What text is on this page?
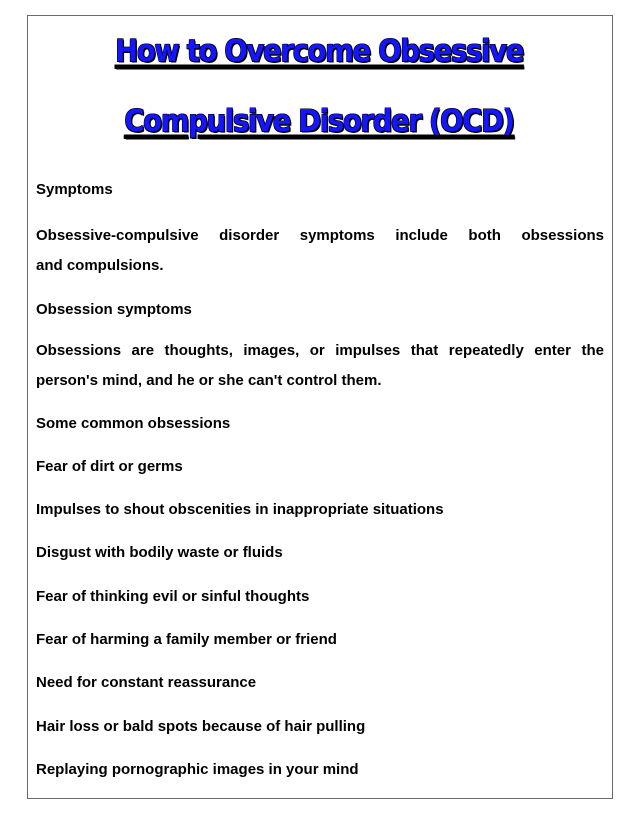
How to Overcome Obsessive
Compulsive Disorder (OCD)

Symptoms

Obsessive-compulsive disorder symptoms include both obsessions
and compulsions.

Obsession symptoms

Obsessions are thoughts, images, or impulses that repeatedly enter the
person's mind, and he or she can't control them.

Some common obsessions

Fear of dirt or germs

Impulses to shout obscenities in inappropriate situations

Disgust with bodily waste or fluids

Fear of thinking evil or sinful thoughts

Fear of harming a family member or friend

Need for constant reassurance

Hair loss or bald spots because of hair pulling

Replaying pornographic images in your mind
